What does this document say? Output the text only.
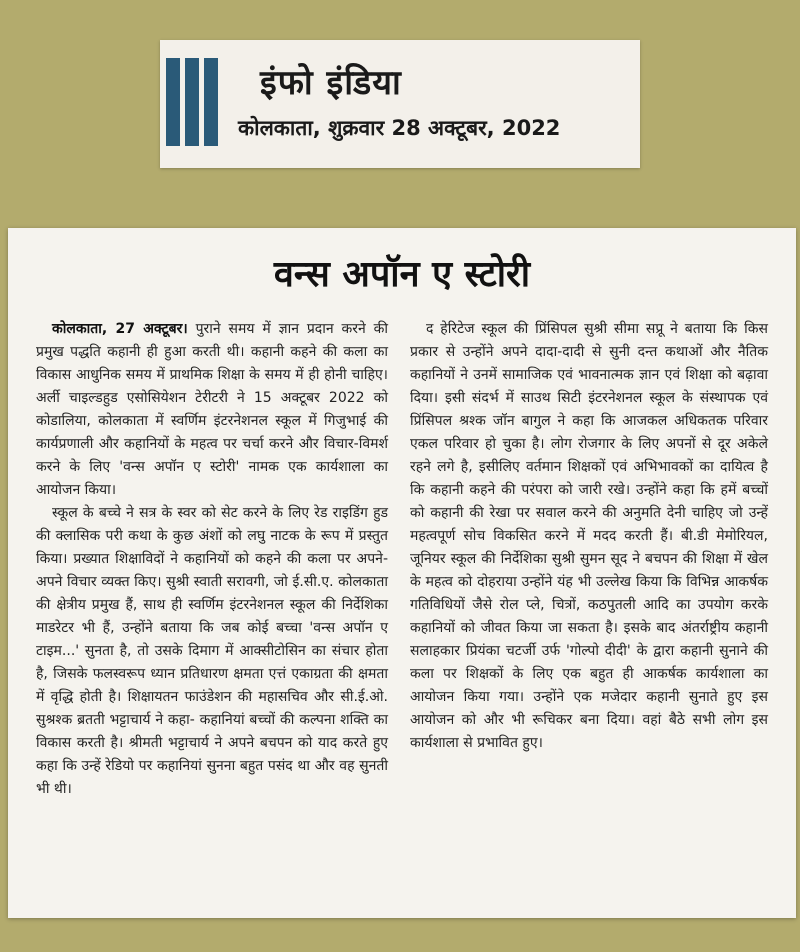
इंफो इंडिया
कोलकाता, शुक्रवार 28 अक्टूबर, 2022
वन्स अपॉन ए स्टोरी

कोलकाता, 27 अक्टूबर। पुराने समय में ज्ञान प्रदान करने की प्रमुख पद्धति कहानी ही हुआ करती थी। कहानी कहने की कला का विकास आधुनिक समय में प्राथमिक शिक्षा के समय में ही होनी चाहिए। अर्ली चाइल्डहुड एसोसियेशन टेरीटरी ने 15 अक्टूबर 2022 को कोडालिया, कोलकाता में स्वर्णिम इंटरनेशनल स्कूल में गिजुभाई की कार्यप्रणाली और कहानियों के महत्व पर चर्चा करने और विचार-विमर्श करने के लिए 'वन्स अपॉन ए स्टोरी' नामक एक कार्यशाला का आयोजन किया।

स्कूल के बच्चे ने सत्र के स्वर को सेट करने के लिए रेड राइडिंग हुड की क्लासिक परी कथा के कुछ अंशों को लघु नाटक के रूप में प्रस्तुत किया। प्रख्यात शिक्षाविदों ने कहानियों को कहने की कला पर अपने-अपने विचार व्यक्त किए। सुश्री स्वाती सरावगी, जो ई.सी.ए. कोलकाता की क्षेत्रीय प्रमुख हैं, साथ ही स्वर्णिम इंटरनेशनल स्कूल की निर्देशिका माडरेटर भी हैं, उन्होंने बताया कि जब कोई बच्चा 'वन्स अपॉन ए टाइम...' सुनता है, तो उसके दिमाग में आक्सीटोसिन का संचार होता है, जिसके फलस्वरूप ध्यान प्रतिधारण क्षमता एत्तं एकाग्रता की क्षमता में वृद्धि होती है। शिक्षायतन फाउंडेशन की महासचिव और सी.ई.ओ. सुश्रश्क ब्रतती भट्टाचार्य ने कहा- कहानियां बच्चों की कल्पना शक्ति का विकास करती है। श्रीमती भट्टाचार्य ने अपने बचपन को याद करते हुए कहा कि उन्हें रेडियो पर कहानियां सुनना बहुत पसंद था और वह सुनती भी थी।

द हेरिटेज स्कूल की प्रिंसिपल सुश्री सीमा सप्रू ने बताया कि किस प्रकार से उन्होंने अपने दादा-दादी से सुनी दन्त कथाओं और नैतिक कहानियों ने उनमें सामाजिक एवं भावनात्मक ज्ञान एवं शिक्षा को बढ़ावा दिया। इसी संदर्भ में साउथ सिटी इंटरनेशनल स्कूल के संस्थापक एवं प्रिंसिपल श्रश्क जॉन बागुल ने कहा कि आजकल अधिकतक परिवार एकल परिवार हो चुका है। लोग रोजगार के लिए अपनों से दूर अकेले रहने लगे है, इसीलिए वर्तमान शिक्षकों एवं अभिभावकों का दायित्व है कि कहानी कहने की परंपरा को जारी रखे। उन्होंने कहा कि हमें बच्चों को कहानी की रेखा पर सवाल करने की अनुमति देनी चाहिए जो उन्हें महत्वपूर्ण सोच विकसित करने में मदद करती हैं। बी.डी मेमोरियल, जूनियर स्कूल की निर्देशिका सुश्री सुमन सूद ने बचपन की शिक्षा में खेल के महत्व को दोहराया उन्होंने यंह भी उल्लेख किया कि विभिन्न आकर्षक गतिविधियों जैसे रोल प्ले, चित्रों, कठपुतली आदि का उपयोग करके कहानियों को जीवत किया जा सकता है। इसके बाद अंतर्राष्ट्रीय कहानी सलाहकार प्रियंका चटर्जी उर्फ 'गोल्पो दीदी' के द्वारा कहानी सुनाने की कला पर शिक्षकों के लिए एक बहुत ही आकर्षक कार्यशाला का आयोजन किया गया। उन्होंने एक मजेदार कहानी सुनाते हुए इस आयोजन को और भी रूचिकर बना दिया। वहां बैठे सभी लोग इस कार्यशाला से प्रभावित हुए।
